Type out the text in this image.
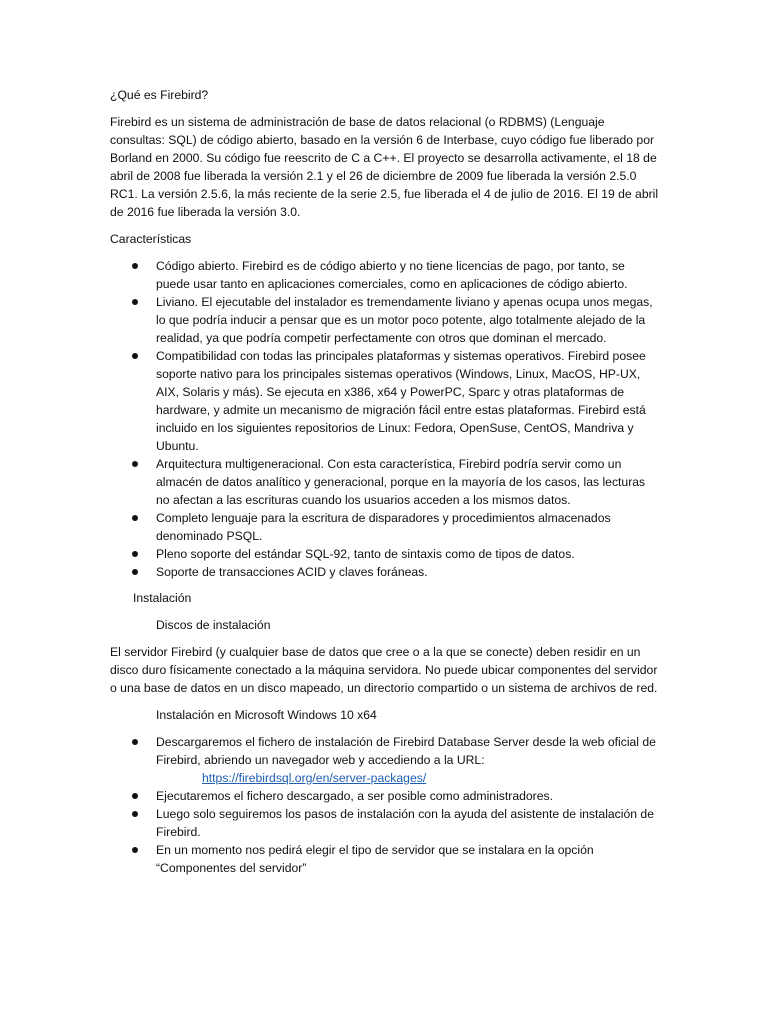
¿Qué es Firebird?

Firebird es un sistema de administración de base de datos relacional (o RDBMS) (Lenguaje consultas: SQL) de código abierto, basado en la versión 6 de Interbase, cuyo código fue liberado por Borland en 2000. Su código fue reescrito de C a C++. El proyecto se desarrolla activamente, el 18 de abril de 2008 fue liberada la versión 2.1 y el 26 de diciembre de 2009 fue liberada la versión 2.5.0 RC1. La versión 2.5.6, la más reciente de la serie 2.5, fue liberada el 4 de julio de 2016. El 19 de abril de 2016 fue liberada la versión 3.0.

Características

Código abierto. Firebird es de código abierto y no tiene licencias de pago, por tanto, se puede usar tanto en aplicaciones comerciales, como en aplicaciones de código abierto.
Liviano. El ejecutable del instalador es tremendamente liviano y apenas ocupa unos megas, lo que podría inducir a pensar que es un motor poco potente, algo totalmente alejado de la realidad, ya que podría competir perfectamente con otros que dominan el mercado.
Compatibilidad con todas las principales plataformas y sistemas operativos. Firebird posee soporte nativo para los principales sistemas operativos (Windows, Linux, MacOS, HP-UX, AIX, Solaris y más). Se ejecuta en x386, x64 y PowerPC, Sparc y otras plataformas de hardware, y admite un mecanismo de migración fácil entre estas plataformas. Firebird está incluido en los siguientes repositorios de Linux: Fedora, OpenSuse, CentOS, Mandriva y Ubuntu.
Arquitectura multigeneracional. Con esta característica, Firebird podría servir como un almacén de datos analítico y generacional, porque en la mayoría de los casos, las lecturas no afectan a las escrituras cuando los usuarios acceden a los mismos datos.
Completo lenguaje para la escritura de disparadores y procedimientos almacenados denominado PSQL.
Pleno soporte del estándar SQL-92, tanto de sintaxis como de tipos de datos.
Soporte de transacciones ACID y claves foráneas.

Instalación

Discos de instalación

El servidor Firebird (y cualquier base de datos que cree o a la que se conecte) deben residir en un disco duro físicamente conectado a la máquina servidora. No puede ubicar componentes del servidor o una base de datos en un disco mapeado, un directorio compartido o un sistema de archivos de red.

Instalación en Microsoft Windows 10 x64

Descargaremos el fichero de instalación de Firebird Database Server desde la web oficial de Firebird, abriendo un navegador web y accediendo a la URL:
https://firebirdsql.org/en/server-packages/
Ejecutaremos el fichero descargado, a ser posible como administradores.
Luego solo seguiremos los pasos de instalación con la ayuda del asistente de instalación de Firebird.
En un momento nos pedirá elegir el tipo de servidor que se instalara en la opción “Componentes del servidor”
